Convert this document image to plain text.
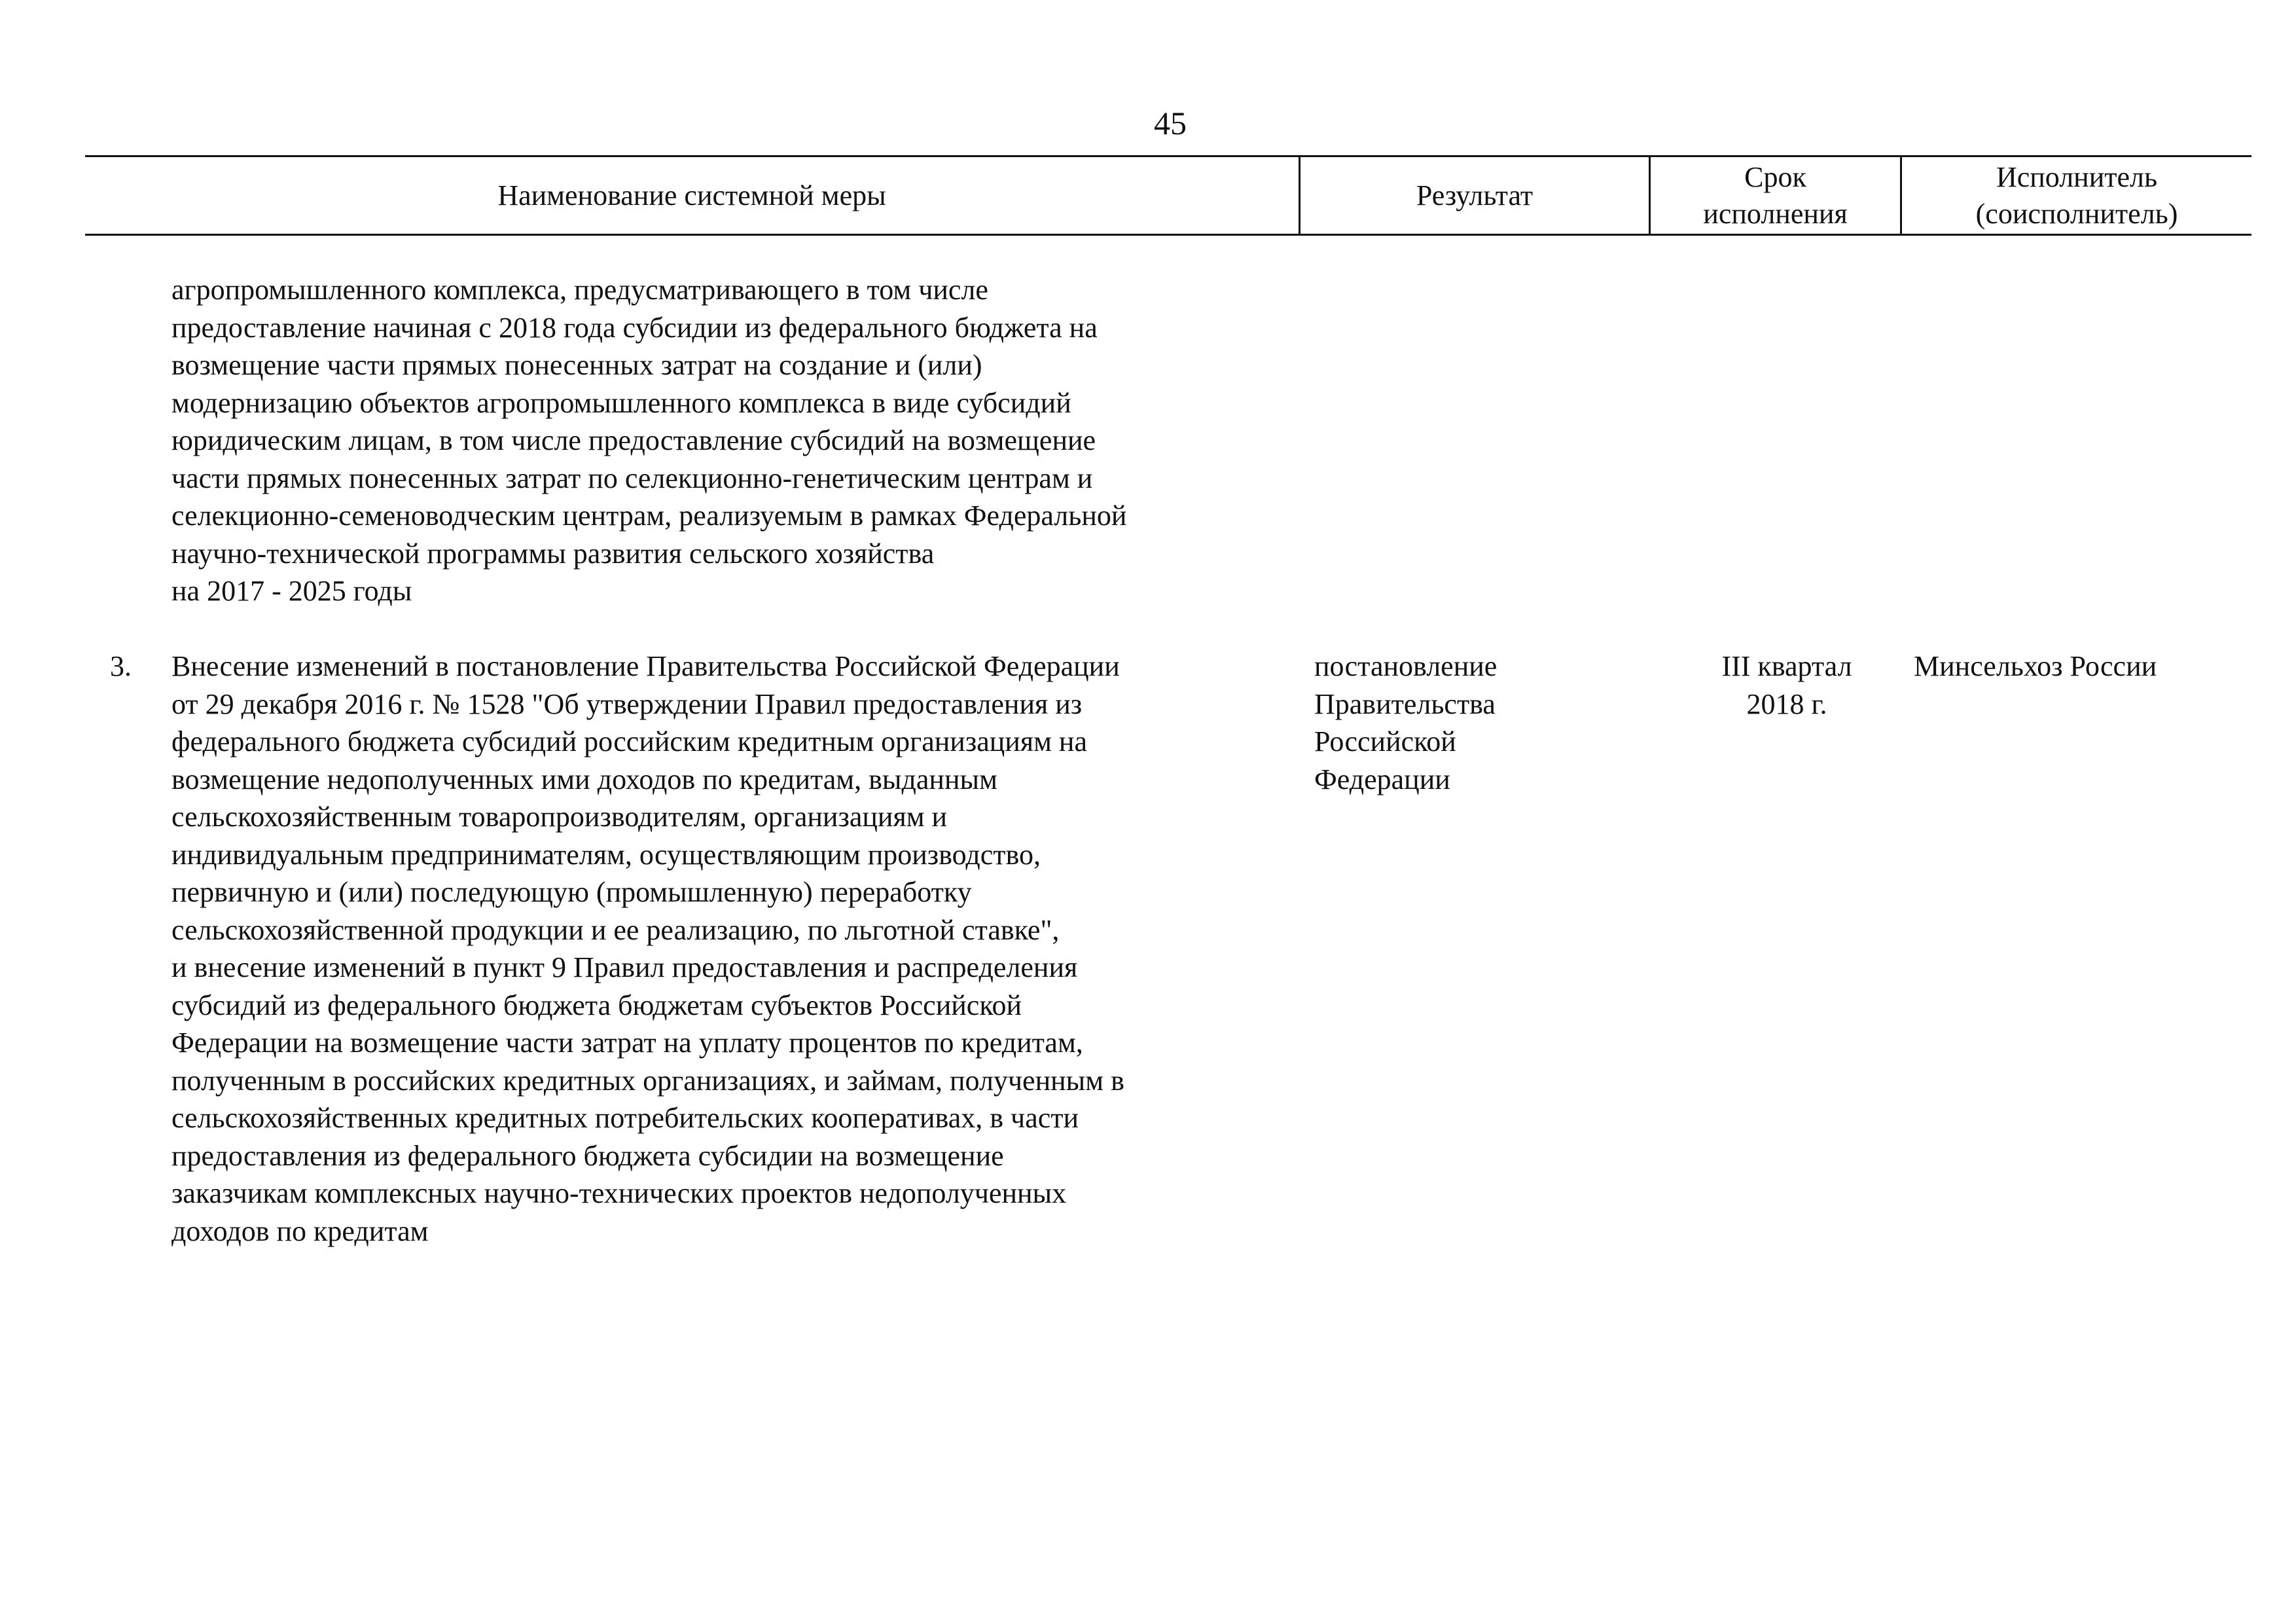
45
Наименование системной меры	Результат
Срок
исполнения
Исполнитель
(соисполнитель)
агропромышленного комплекса, предусматривающего в том числе
предоставление начиная с 2018 года субсидии из федерального бюджета на
возмещение части прямых понесенных затрат на создание и (или)
модернизацию объектов агропромышленного комплекса в виде субсидий
юридическим лицам, в том числе предоставление субсидий на возмещение
части прямых понесенных затрат по селекционно-генетическим центрам и
селекционно-семеноводческим центрам, реализуемым в рамках Федеральной
научно-технической программы развития сельского хозяйства
на 2017 - 2025 годы
3. Внесение изменений в постановление Правительства Российской Федерации
от 29 декабря 2016 г. № 1528 "Об утверждении Правил предоставления из
федерального бюджета субсидий российским кредитным организациям на
возмещение недополученных ими доходов по кредитам, выданным
сельскохозяйственным товаропроизводителям, организациям и
индивидуальным предпринимателям, осуществляющим производство,
первичную и (или) последующую (промышленную) переработку
сельскохозяйственной продукции и ее реализацию, по льготной ставке",
и внесение изменений в пункт 9 Правил предоставления и распределения
субсидий из федерального бюджета бюджетам субъектов Российской
Федерации на возмещение части затрат на уплату процентов по кредитам,
полученным в российских кредитных организациях, и займам, полученным в
сельскохозяйственных кредитных потребительских кооперативах, в части
предоставления из федерального бюджета субсидии на возмещение
заказчикам комплексных научно-технических проектов недополученных
доходов по кредитам
постановление
Правительства
Российской
Федерации
III квартал
2018 г.
Минсельхоз России
